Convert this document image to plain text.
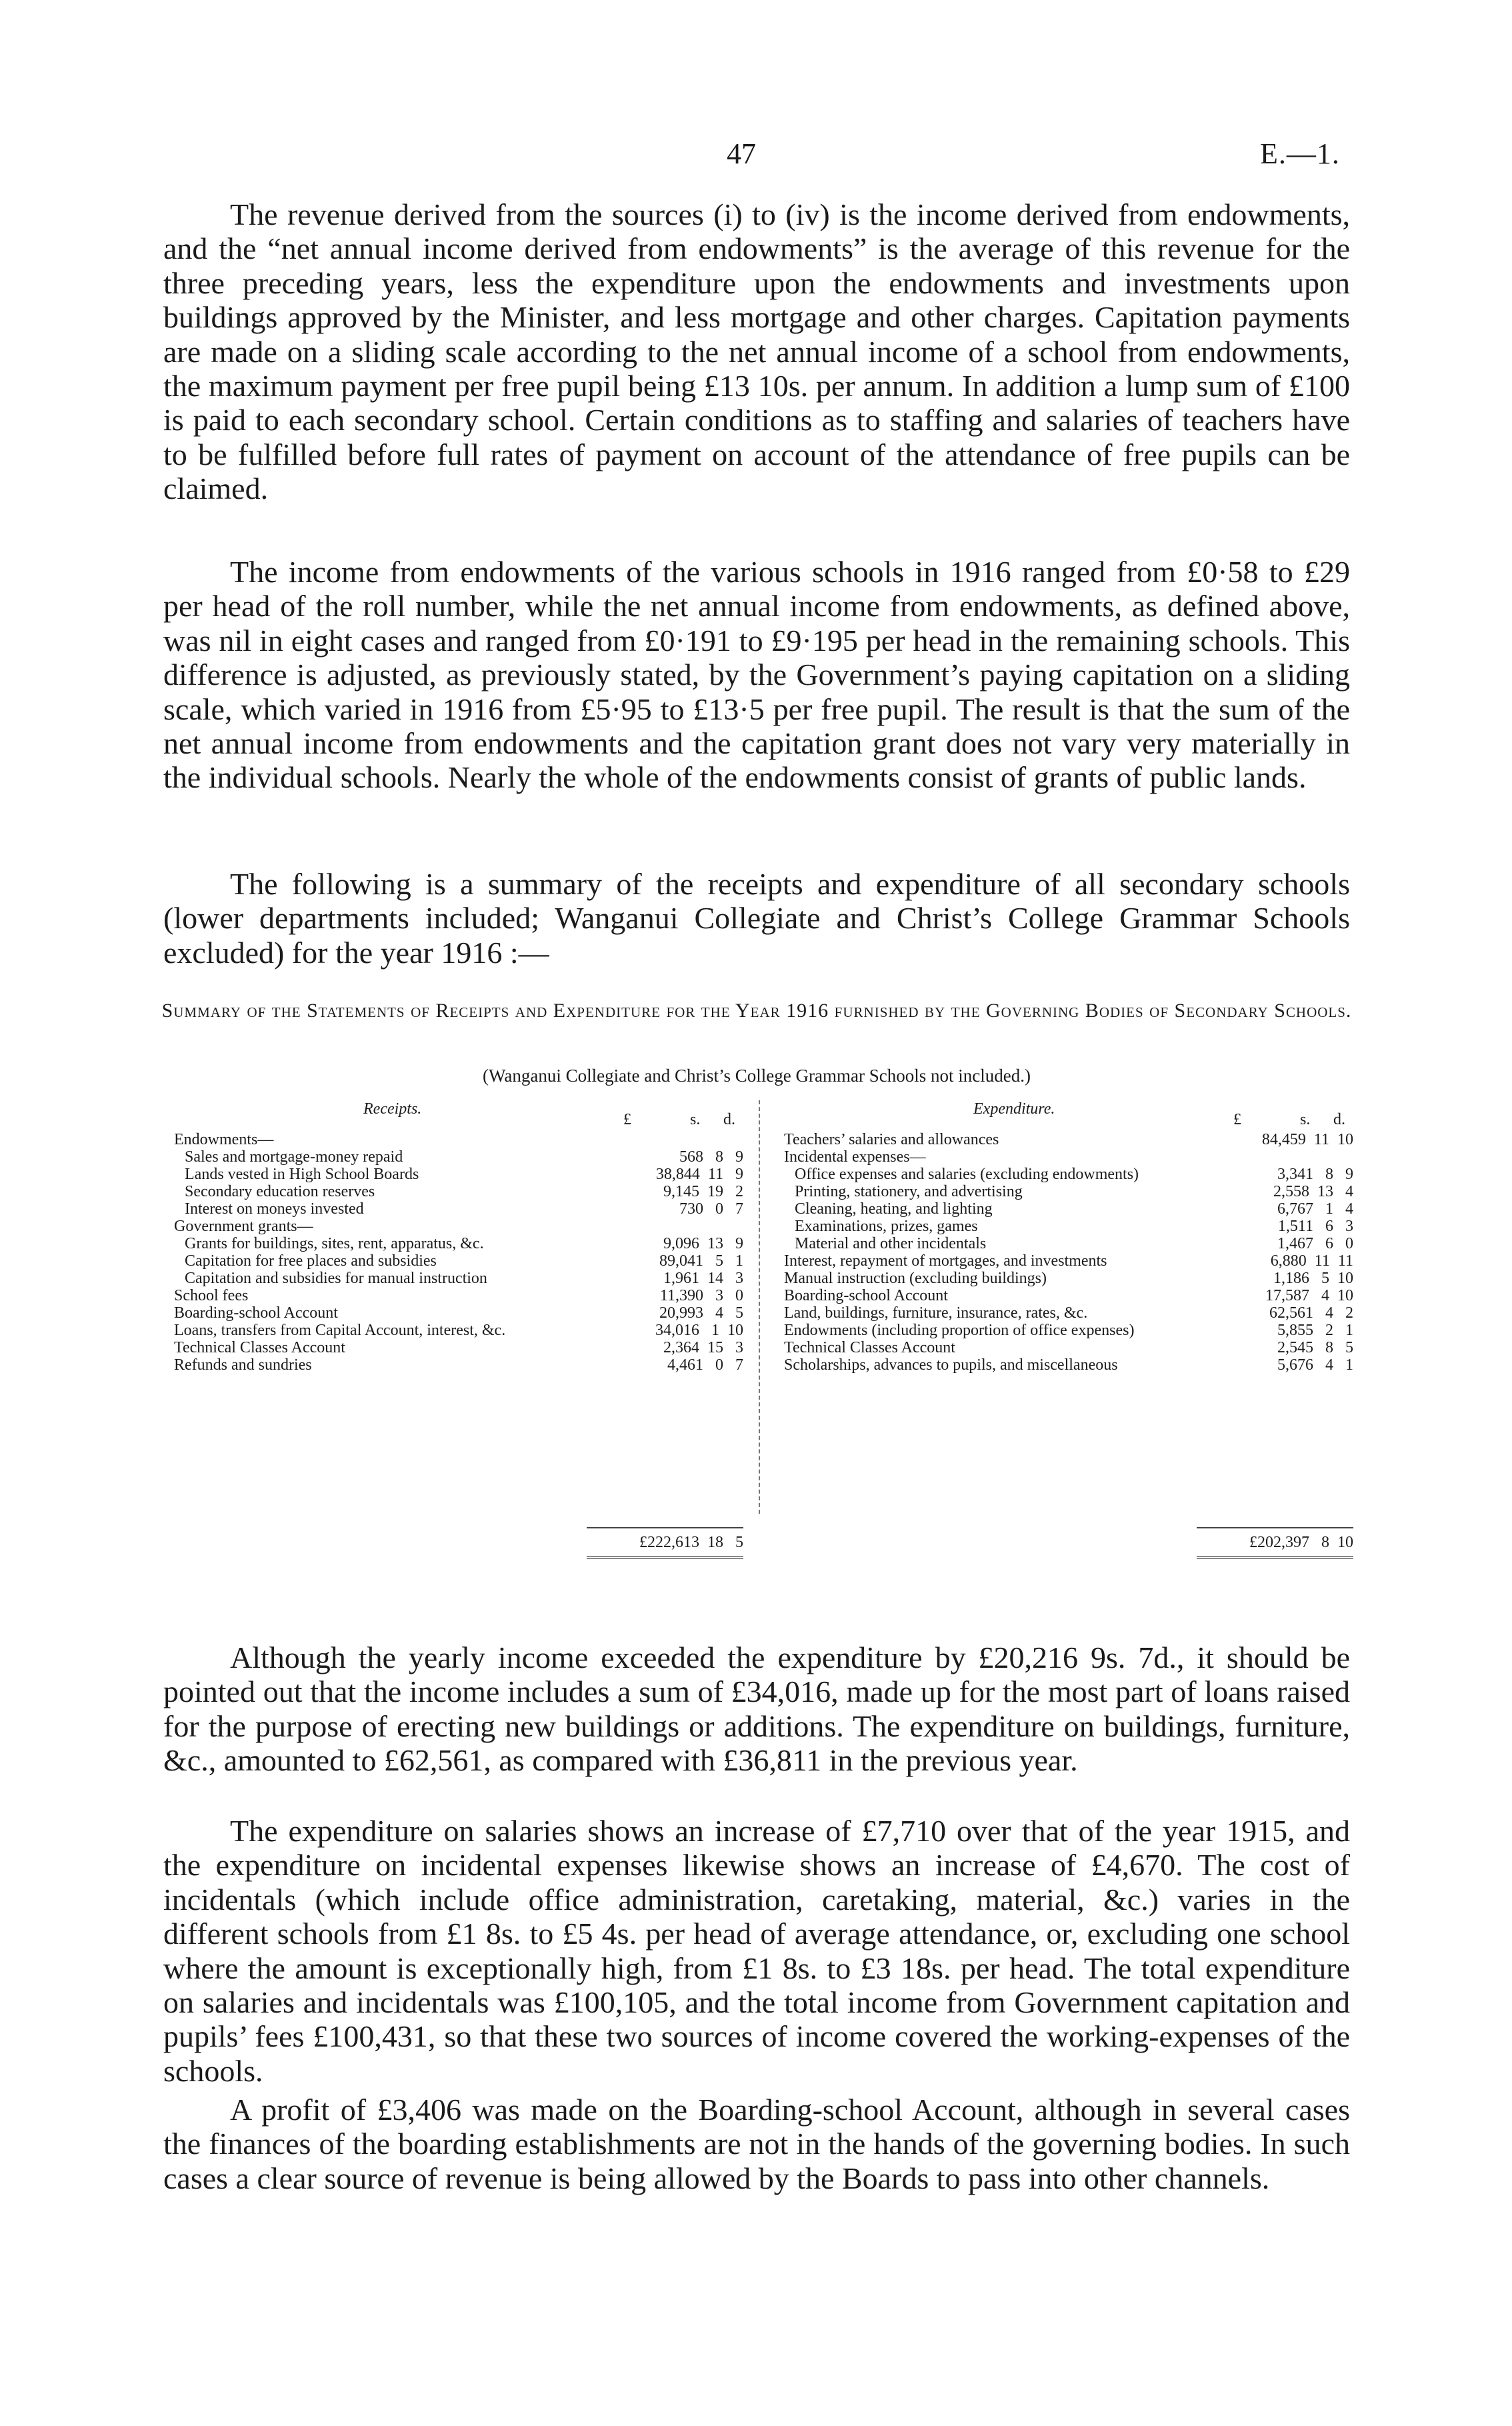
47	E.—1.

The revenue derived from the sources (i) to (iv) is the income derived from endowments, and the “net annual income derived from endowments” is the average of this revenue for the three preceding years, less the expenditure upon the endowments and investments upon buildings approved by the Minister, and less mortgage and other charges. Capitation payments are made on a sliding scale according to the net annual income of a school from endowments, the maximum payment per free pupil being £13 10s. per annum. In addition a lump sum of £100 is paid to each secondary school. Certain conditions as to staffing and salaries of teachers have to be fulfilled before full rates of payment on account of the attendance of free pupils can be claimed.

The income from endowments of the various schools in 1916 ranged from £0·58 to £29 per head of the roll number, while the net annual income from endowments, as defined above, was nil in eight cases and ranged from £0·191 to £9·195 per head in the remaining schools. This difference is adjusted, as previously stated, by the Government’s paying capitation on a sliding scale, which varied in 1916 from £5·95 to £13·5 per free pupil. The result is that the sum of the net annual income from endowments and the capitation grant does not vary very materially in the individual schools. Nearly the whole of the endowments consist of grants of public lands.

The following is a summary of the receipts and expenditure of all secondary schools (lower departments included; Wanganui Collegiate and Christ’s College Grammar Schools excluded) for the year 1916 :—

Summary of the Statements of Receipts and Expenditure for the Year 1916 furnished by the Governing Bodies of Secondary Schools.
(Wanganui Collegiate and Christ’s College Grammar Schools not included.)
Receipts.
£	s. d.
Endowments—
Sales and mortgage-money repaid	568   8   9
Lands vested in High School Boards	38,844  11   9
Secondary education reserves	9,145  19   2
Interest on moneys invested	730   0   7
Government grants—
Grants for buildings, sites, rent, apparatus, &c.	9,096  13   9
Capitation for free places and subsidies	89,041   5   1
Capitation and subsidies for manual instruction	1,961  14   3
School fees	11,390   3   0
Boarding-school Account	20,993   4   5
Loans, transfers from Capital Account, interest, &c.	34,016   1  10
Technical Classes Account	2,364  15   3
Refunds and sundries	4,461   0   7
Expenditure.
£	s. d.
Teachers’ salaries and allowances	84,459  11  10
Incidental expenses—
Office expenses and salaries (excluding endowments)	3,341   8   9
Printing, stationery, and advertising	2,558  13   4
Cleaning, heating, and lighting	6,767   1   4
Examinations, prizes, games	1,511   6   3
Material and other incidentals	1,467   6   0
Interest, repayment of mortgages, and investments	6,880  11  11
Manual instruction (excluding buildings)	1,186   5  10
Boarding-school Account	17,587   4  10
Land, buildings, furniture, insurance, rates, &c.	62,561   4   2
Endowments (including proportion of office expenses)	5,855   2   1
Technical Classes Account	2,545   8   5
Scholarships, advances to pupils, and miscellaneous	5,676   4   1
£222,613  18   5	£202,397   8  10

Although the yearly income exceeded the expenditure by £20,216 9s. 7d., it should be pointed out that the income includes a sum of £34,016, made up for the most part of loans raised for the purpose of erecting new buildings or additions. The expenditure on buildings, furniture, &c., amounted to £62,561, as compared with £36,811 in the previous year.

The expenditure on salaries shows an increase of £7,710 over that of the year 1915, and the expenditure on incidental expenses likewise shows an increase of £4,670. The cost of incidentals (which include office administration, caretaking, material, &c.) varies in the different schools from £1 8s. to £5 4s. per head of average attendance, or, excluding one school where the amount is exceptionally high, from £1 8s. to £3 18s. per head. The total expenditure on salaries and incidentals was £100,105, and the total income from Government capitation and pupils’ fees £100,431, so that these two sources of income covered the working-expenses of the schools.

A profit of £3,406 was made on the Boarding-school Account, although in several cases the finances of the boarding establishments are not in the hands of the governing bodies. In such cases a clear source of revenue is being allowed by the Boards to pass into other channels.
